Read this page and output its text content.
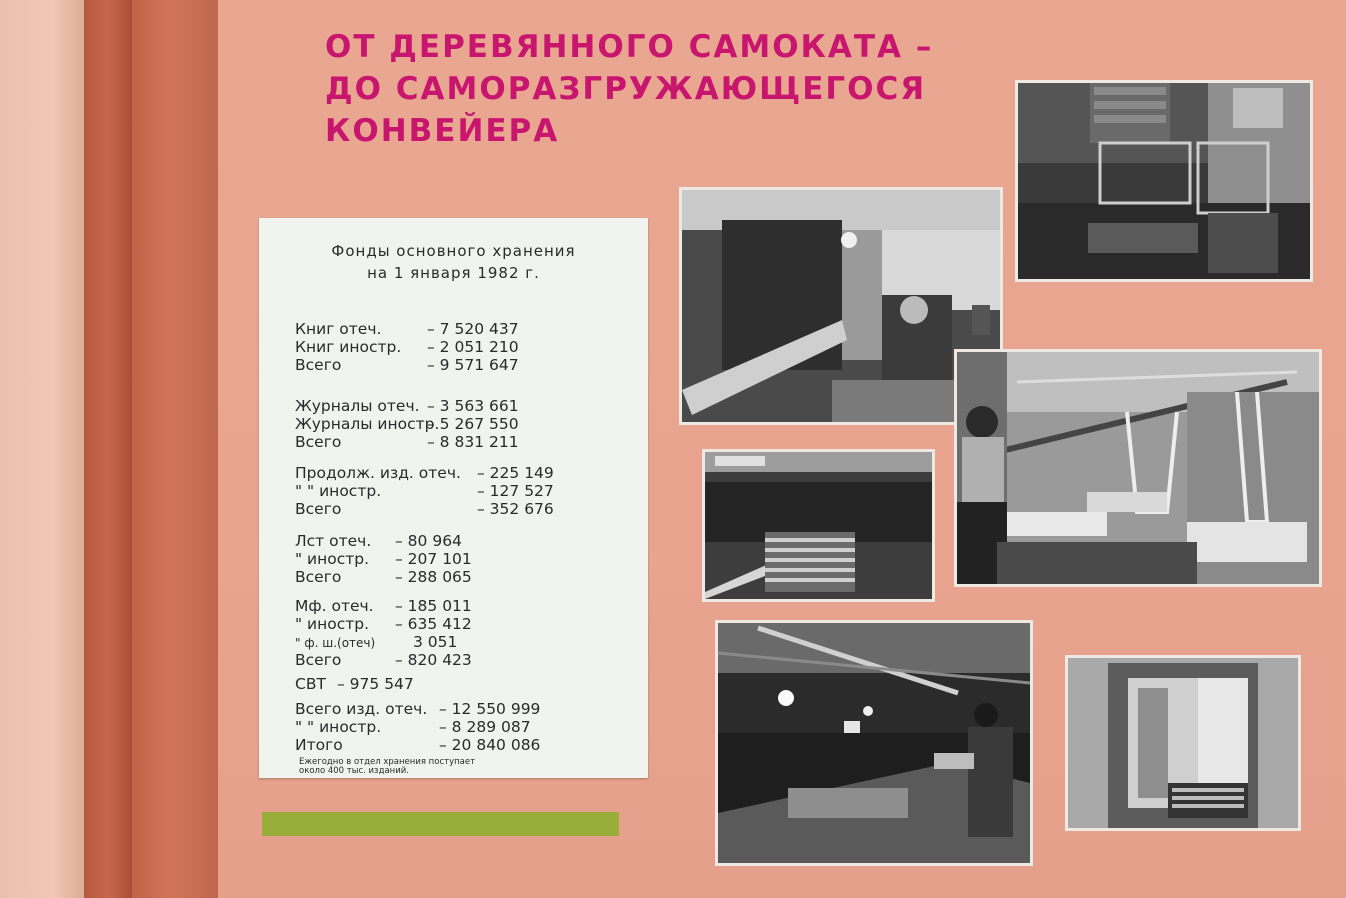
ОТ ДЕРЕВЯННОГО САМОКАТА –
ДО САМОРАЗГРУЖАЮЩЕГОСЯ
КОНВЕЙЕРА
Фонды основного хранения
на 1 января 1982 г.
Книг отеч.	– 7 520 437
Книг иностр. – 2 051 210
Всего	– 9 571 647
Журналы отеч. – 3 563 661
Журналы иностр.– 5 267 550
Всего	– 8 831 211
Продолж. изд. отеч. – 225 149
" " иностр.	– 127 527
Всего	– 352 676
Лст отеч. – 80 964
" иностр. – 207 101
Всего	– 288 065
Мф. отеч. – 185 011
" иностр. – 635 412
" ф. ш.(отеч) 3 051
Всего	– 820 423
СВТ – 975 547
Всего изд. отеч. – 12 550 999
" " иностр.	– 8 289 087
Итого	– 20 840 086
Ежегодно в отдел хранения поступает
около 400 тыс. изданий.
